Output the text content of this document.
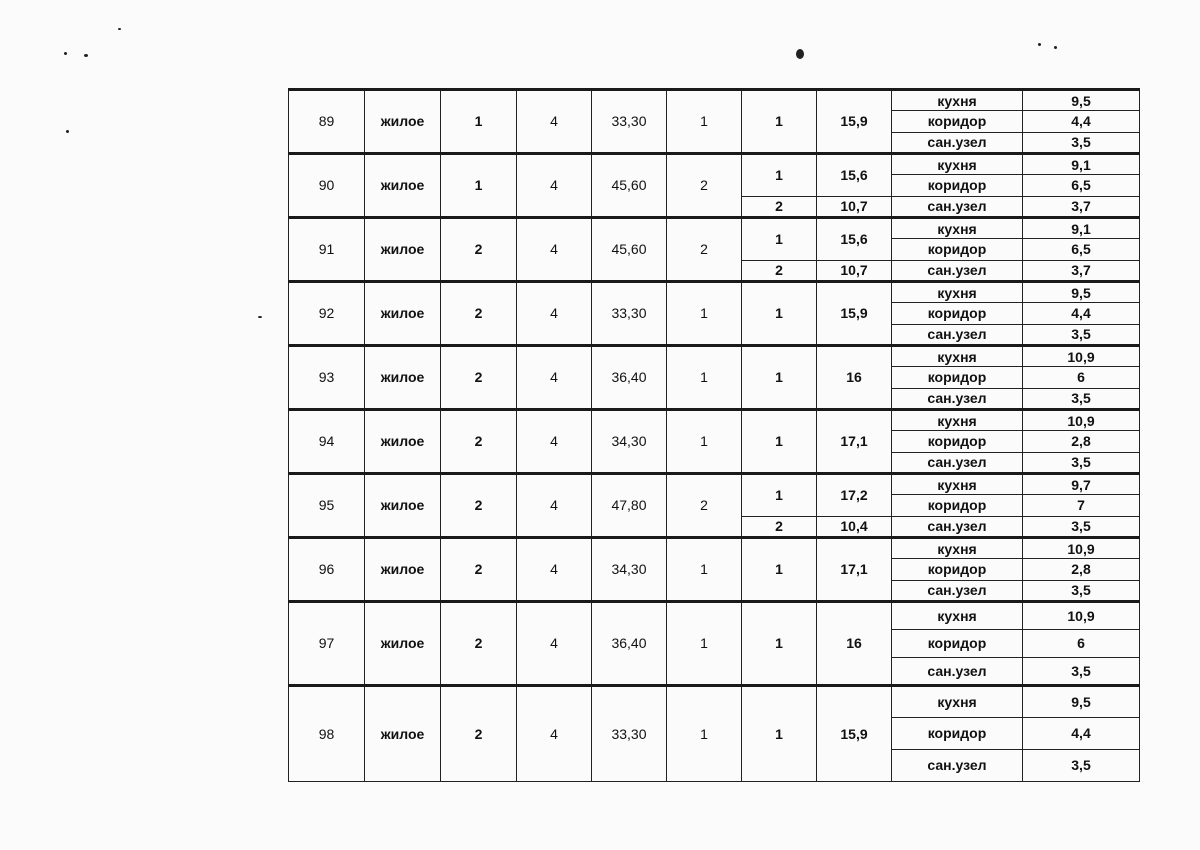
89	жилое	1	4	33,30	1	1	15,9	кухня	9,5
								коридор	4,4
								сан.узел	3,5
90	жилое	1	4	45,60	2	1	15,6	кухня	9,1
								коридор	6,5
						2	10,7	сан.узел	3,7
91	жилое	2	4	45,60	2	1	15,6	кухня	9,1
								коридор	6,5
						2	10,7	сан.узел	3,7
92	жилое	2	4	33,30	1	1	15,9	кухня	9,5
								коридор	4,4
								сан.узел	3,5
93	жилое	2	4	36,40	1	1	16	кухня	10,9
								коридор	6
								сан.узел	3,5
94	жилое	2	4	34,30	1	1	17,1	кухня	10,9
								коридор	2,8
								сан.узел	3,5
95	жилое	2	4	47,80	2	1	17,2	кухня	9,7
								коридор	7
						2	10,4	сан.узел	3,5
96	жилое	2	4	34,30	1	1	17,1	кухня	10,9
								коридор	2,8
								сан.узел	3,5
97	жилое	2	4	36,40	1	1	16	кухня	10,9
								коридор	6
								сан.узел	3,5
98	жилое	2	4	33,30	1	1	15,9	кухня	9,5
								коридор	4,4
								сан.узел	3,5
